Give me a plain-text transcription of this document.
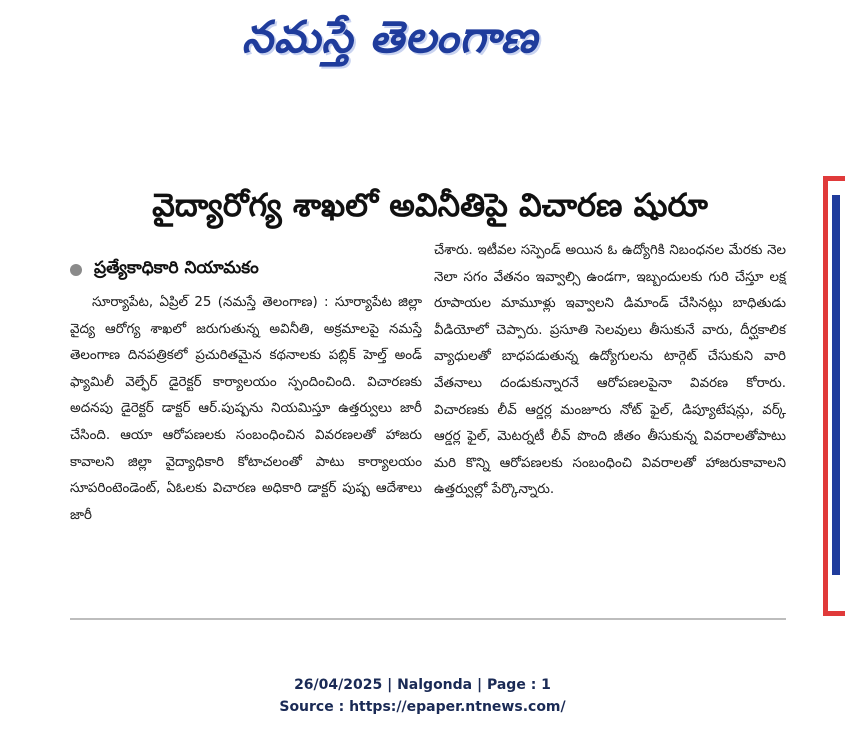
నమస్తే తెలంగాణ
వైద్యారోగ్య శాఖలో అవినీతిపై విచారణ షురూ
ప్రత్యేకాధికారి నియామకం

సూర్యాపేట, ఏప్రిల్ 25 (నమస్తే తెలంగాణ) : సూర్యాపేట జిల్లా వైద్య ఆరోగ్య శాఖలో జరుగుతున్న అవినీతి, అక్రమాలపై నమస్తే తెలంగాణ దినపత్రికలో ప్రచురితమైన కథనాలకు పబ్లిక్ హెల్త్ అండ్ ఫ్యామిలీ వెల్ఫేర్ డైరెక్టర్ కార్యాలయం స్పందించింది. విచారణకు అదనపు డైరెక్టర్ డాక్టర్ ఆర్.పుష్పను నియమిస్తూ ఉత్తర్వులు జారీ చేసింది. ఆయా ఆరోపణలకు సంబంధించిన వివరణలతో హాజరు కావాలని జిల్లా వైద్యాధికారి కోటాచలంతో పాటు కార్యాలయం సూపరింటెండెంట్, ఏఓలకు విచారణ అధికారి డాక్టర్ పుష్ప ఆదేశాలు జారీ

చేశారు. ఇటీవల సస్పెండ్ అయిన ఓ ఉద్యోగికి నిబంధనల మేరకు నెల నెలా సగం వేతనం ఇవ్వాల్సి ఉండగా, ఇబ్బందులకు గురి చేస్తూ లక్ష రూపాయల మామూళ్లు ఇవ్వాలని డిమాండ్ చేసినట్లు బాధితుడు వీడియోలో చెప్పారు. ప్రసూతి సెలవులు తీసుకునే వారు, దీర్ఘకాలిక వ్యాధులతో బాధపడుతున్న ఉద్యోగులను టార్గెట్ చేసుకుని వారి వేతనాలు దండుకున్నారనే ఆరోపణలపైనా వివరణ కోరారు. విచారణకు లీవ్ ఆర్డర్ల మంజూరు నోట్ ఫైల్, డిప్యూటేషన్లు, వర్క్ ఆర్డర్ల ఫైల్, మెటర్నటీ లీవ్ పొంది జీతం తీసుకున్న వివరాలతోపాటు మరి కొన్ని ఆరోపణలకు సంబంధించి వివరాలతో హాజరుకావాలని ఉత్తర్వుల్లో పేర్కొన్నారు.

26/04/2025 | Nalgonda | Page : 1
Source : https://epaper.ntnews.com/
